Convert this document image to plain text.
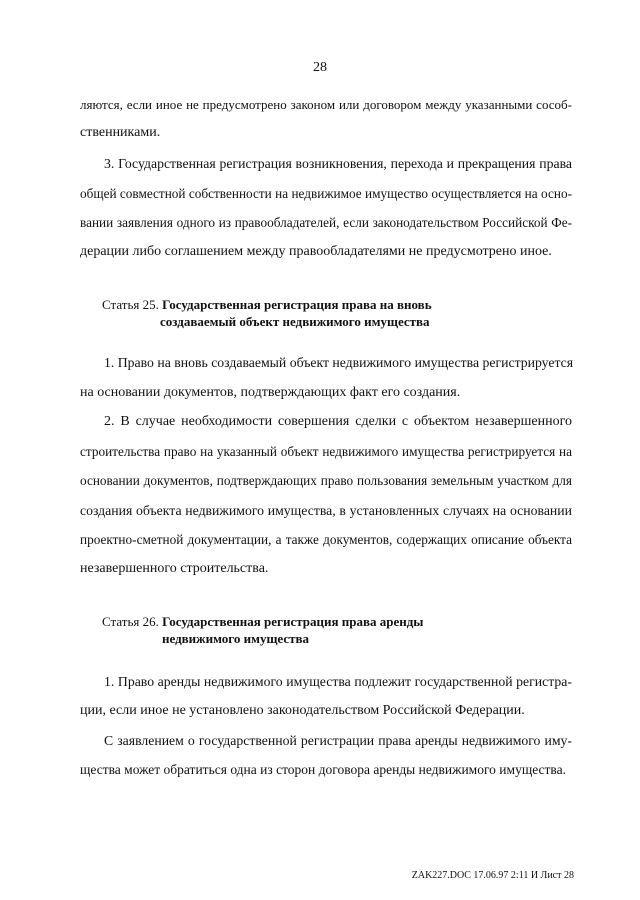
28
ляются, если иное не предусмотрено законом или договором между указанными сособ-
ственниками.
3. Государственная регистрация возникновения, перехода и прекращения права
общей совместной собственности на недвижимое имущество осуществляется на осно-
вании заявления одного из правообладателей, если законодательством Российской Фе-
дерации либо соглашением между правообладателями не предусмотрено иное.
Статья 25. Государственная регистрация права на вновь
создаваемый объект недвижимого имущества
1. Право на вновь создаваемый объект недвижимого имущества регистрируется
на основании документов, подтверждающих факт его создания.
2. В случае необходимости совершения сделки с объектом незавершенного
строительства право на указанный объект недвижимого имущества регистрируется на
основании документов, подтверждающих право пользования земельным участком для
создания объекта недвижимого имущества, в установленных случаях на основании
проектно-сметной документации, а также документов, содержащих описание объекта
незавершенного строительства.
Статья 26. Государственная регистрация права аренды
недвижимого имущества
1. Право аренды недвижимого имущества подлежит государственной регистра-
ции, если иное не установлено законодательством Российской Федерации.
С заявлением о государственной регистрации права аренды недвижимого иму-
щества может обратиться одна из сторон договора аренды недвижимого имущества.
ZAK227.DOC 17.06.97 2:11 И Лист 28
